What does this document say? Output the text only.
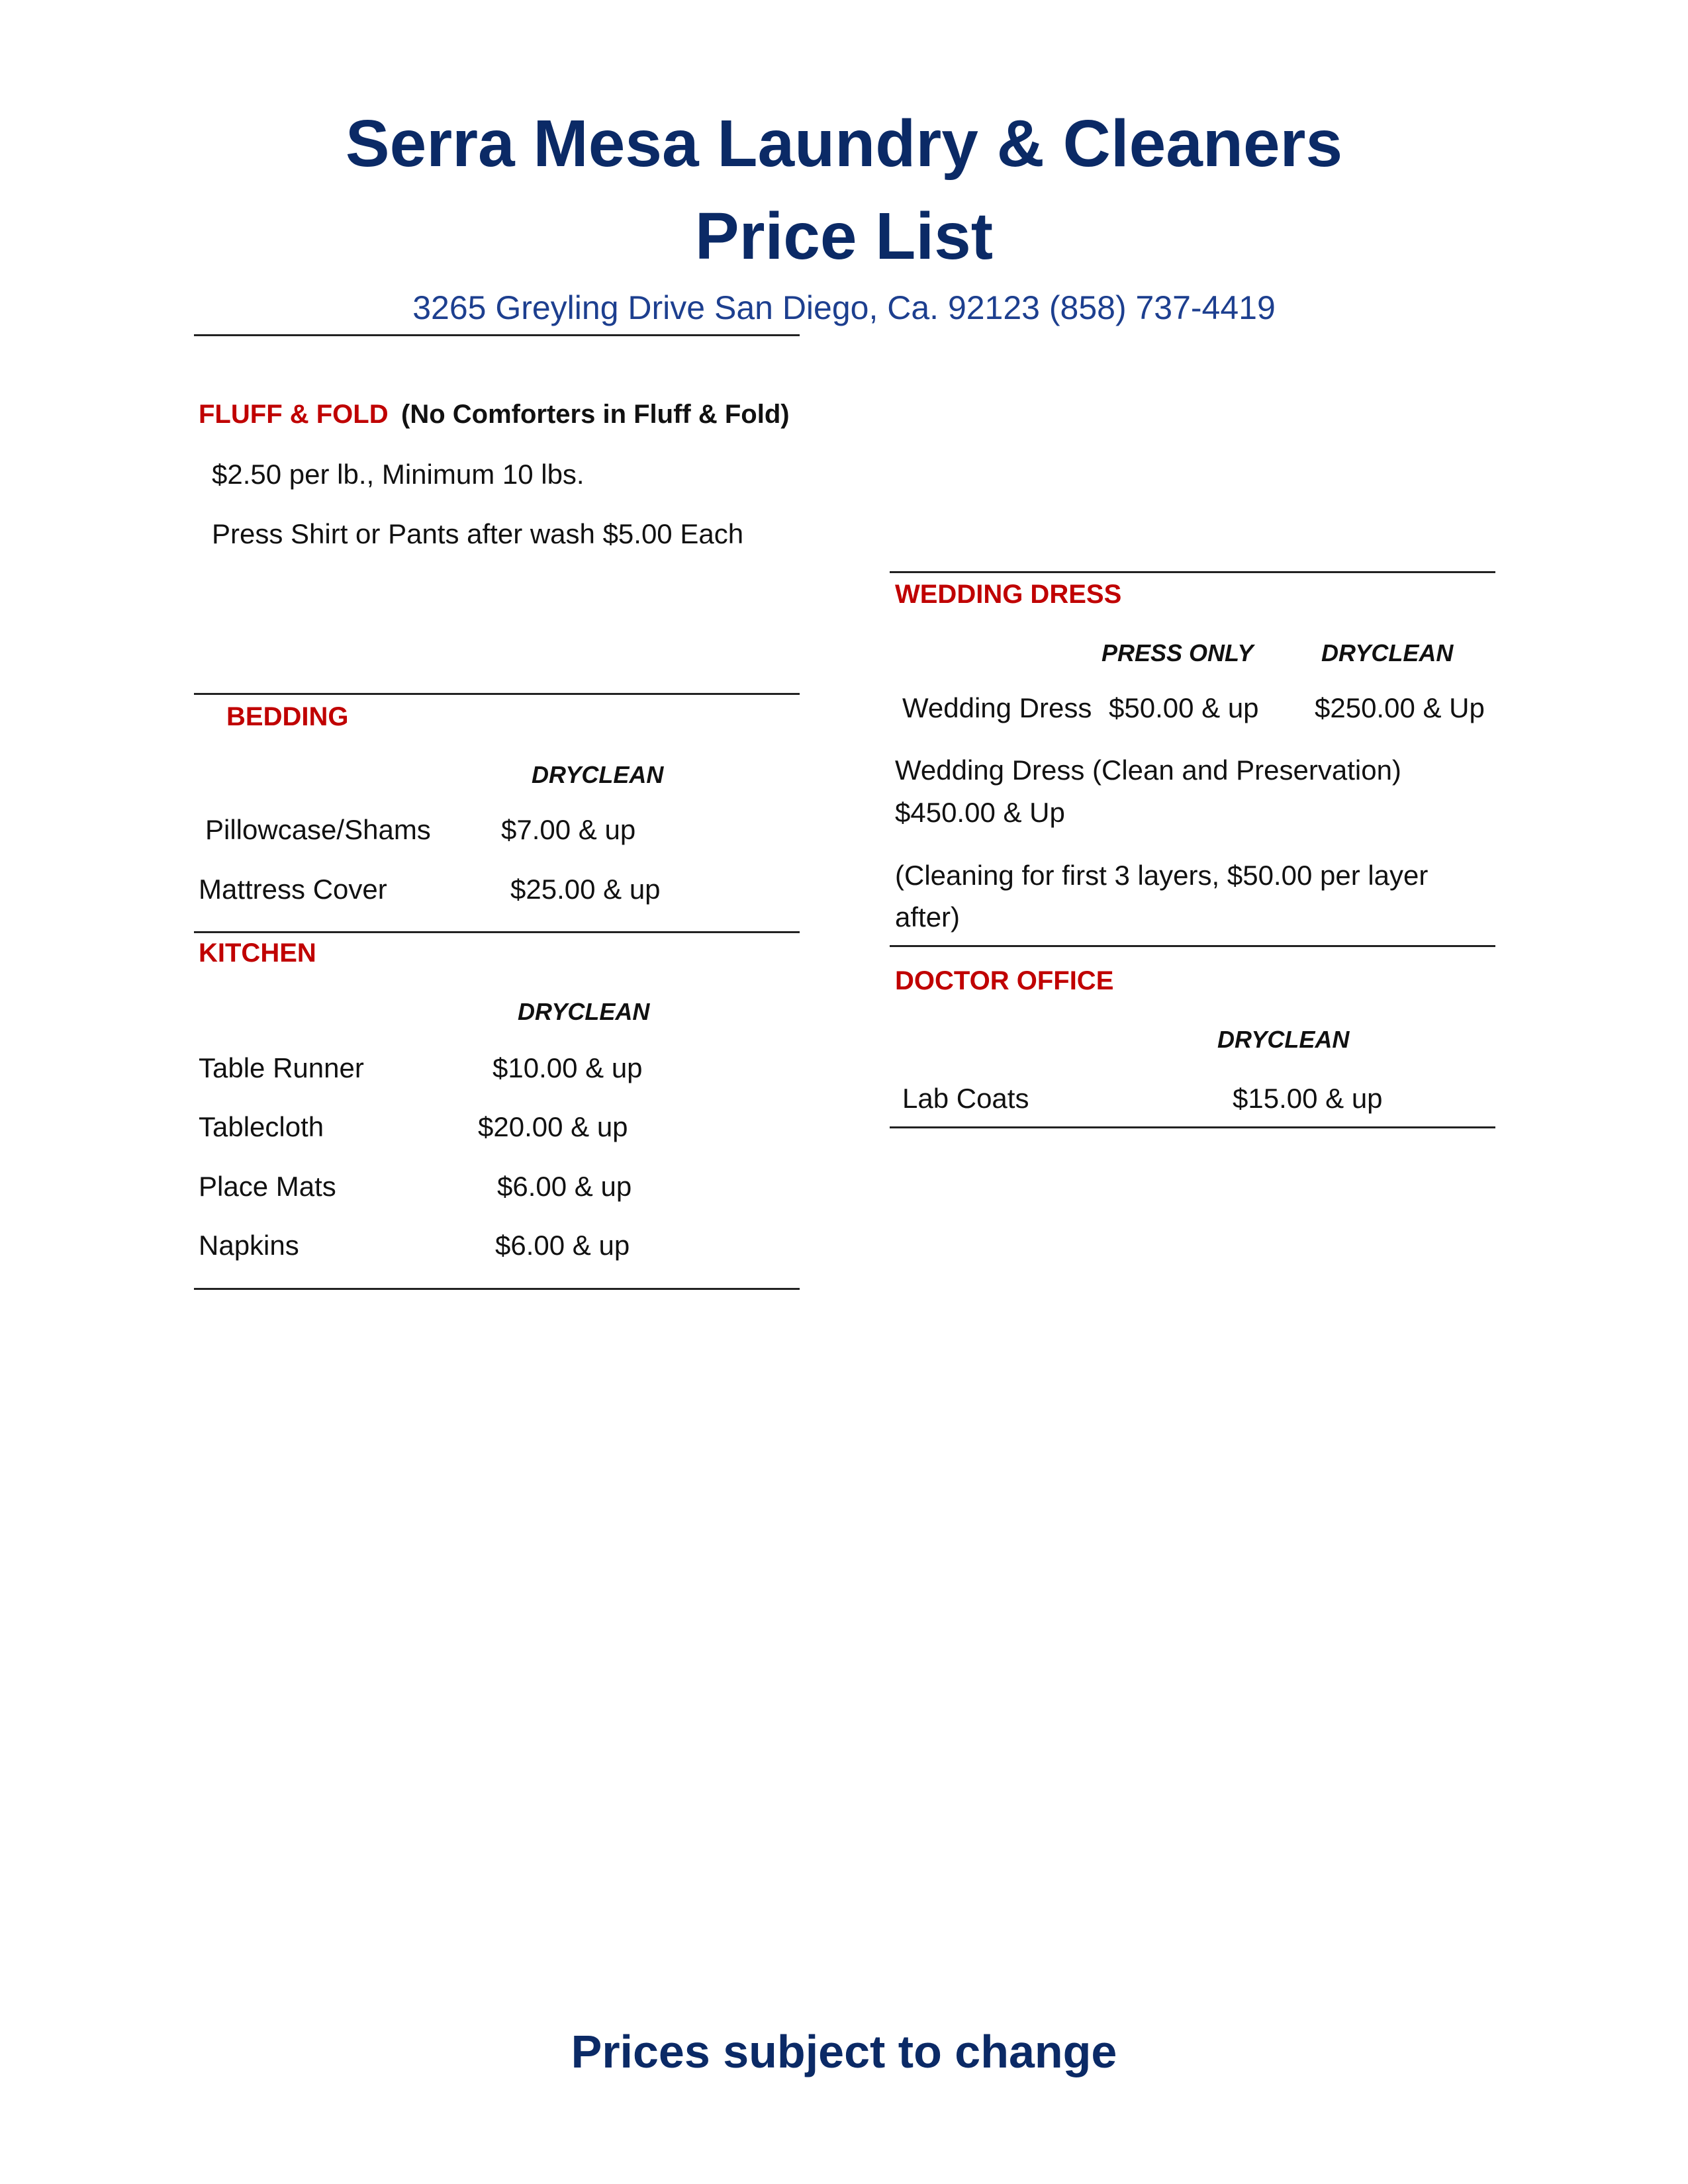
Serra Mesa Laundry & Cleaners
Price List
3265 Greyling Drive San Diego, Ca. 92123 (858) 737-4419
FLUFF & FOLD (No Comforters in Fluff & Fold)
$2.50 per lb., Minimum 10 lbs.
Press Shirt or Pants after wash $5.00 Each
BEDDING
DRYCLEAN
Pillowcase/Shams	$7.00 & up
Mattress Cover	$25.00 & up
KITCHEN
DRYCLEAN
Table Runner	$10.00 & up
Tablecloth	$20.00 & up
Place Mats	$6.00 & up
Napkins	$6.00 & up
WEDDING DRESS
PRESS ONLY	DRYCLEAN
Wedding Dress $50.00 & up $250.00 & Up
Wedding Dress (Clean and Preservation)
$450.00 & Up
(Cleaning for first 3 layers, $50.00 per layer
after)
DOCTOR OFFICE
DRYCLEAN
Lab Coats	$15.00 & up
Prices subject to change
